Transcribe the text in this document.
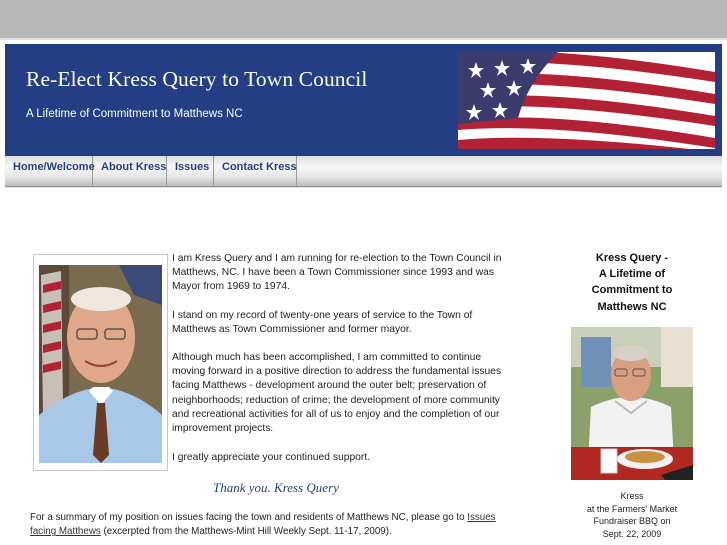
Re-Elect Kress Query to Town Council
A Lifetime of Commitment to Matthews NC
Home/Welcome About Kress Issues	Contact Kress
I am Kress Query and I am running for re-election to the Town Council in Matthews, NC. I have been a Town Commissioner since 1993 and was Mayor from 1969 to 1974.
I stand on my record of twenty-one years of service to the Town of Matthews as Town Commissioner and former mayor.
Although much has been accomplished, I am committed to continue moving forward in a positive direction to address the fundamental issues facing Matthews - development around the outer belt; preservation of neighborhoods; reduction of crime; the development of more community and recreational activities for all of us to enjoy and the completion of our improvement projects.
I greatly appreciate your continued support.
Thank you. Kress Query
For a summary of my position on issues facing the town and residents of Matthews NC, please go to Issues facing Matthews (excerpted from the Matthews-Mint Hill Weekly Sept. 11-17, 2009).
Kress Query -
A Lifetime of
Commitment to
Matthews NC
Kress
at the Farmers' Market
Fundraiser BBQ on
Sept. 22, 2009
